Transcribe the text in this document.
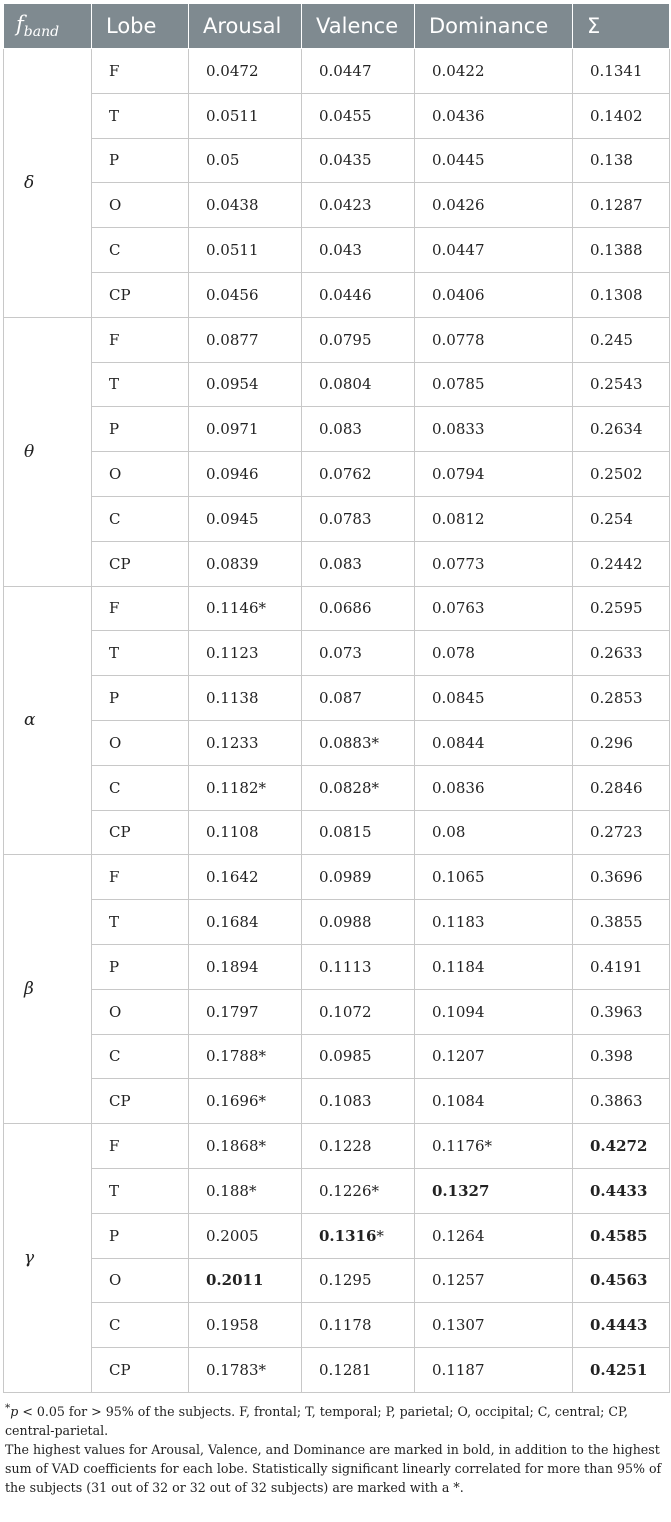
$f_{band}$	Lobe	Arousal	Valence	Dominance	Σ
δ	F	0.0472	0.0447	0.0422	0.1341
	T	0.0511	0.0455	0.0436	0.1402
	P	0.05	0.0435	0.0445	0.138
	O	0.0438	0.0423	0.0426	0.1287
	C	0.0511	0.043	0.0447	0.1388
	CP	0.0456	0.0446	0.0406	0.1308
θ	F	0.0877	0.0795	0.0778	0.245
	T	0.0954	0.0804	0.0785	0.2543
	P	0.0971	0.083	0.0833	0.2634
	O	0.0946	0.0762	0.0794	0.2502
	C	0.0945	0.0783	0.0812	0.254
	CP	0.0839	0.083	0.0773	0.2442
α	F	0.1146*	0.0686	0.0763	0.2595
	T	0.1123	0.073	0.078	0.2633
	P	0.1138	0.087	0.0845	0.2853
	O	0.1233	0.0883*	0.0844	0.296
	C	0.1182*	0.0828*	0.0836	0.2846
	CP	0.1108	0.0815	0.08	0.2723
β	F	0.1642	0.0989	0.1065	0.3696
	T	0.1684	0.0988	0.1183	0.3855
	P	0.1894	0.1113	0.1184	0.4191
	O	0.1797	0.1072	0.1094	0.3963
	C	0.1788*	0.0985	0.1207	0.398
	CP	0.1696*	0.1083	0.1084	0.3863
γ	F	0.1868*	0.1228	0.1176*	0.4272
	T	0.188*	0.1226*	0.1327	0.4433
	P	0.2005	0.1316*	0.1264	0.4585
	O	0.2011	0.1295	0.1257	0.4563
	C	0.1958	0.1178	0.1307	0.4443
	CP	0.1783*	0.1281	0.1187	0.4251

*p < 0.05 for > 95% of the subjects. F, frontal; T, temporal; P, parietal; O, occipital; C, central; CP, central-parietal.

The highest values for Arousal, Valence, and Dominance are marked in bold, in addition to the highest sum of VAD coefficients for each lobe. Statistically significant linearly correlated for more than 95% of the subjects (31 out of 32 or 32 out of 32 subjects) are marked with a *.
